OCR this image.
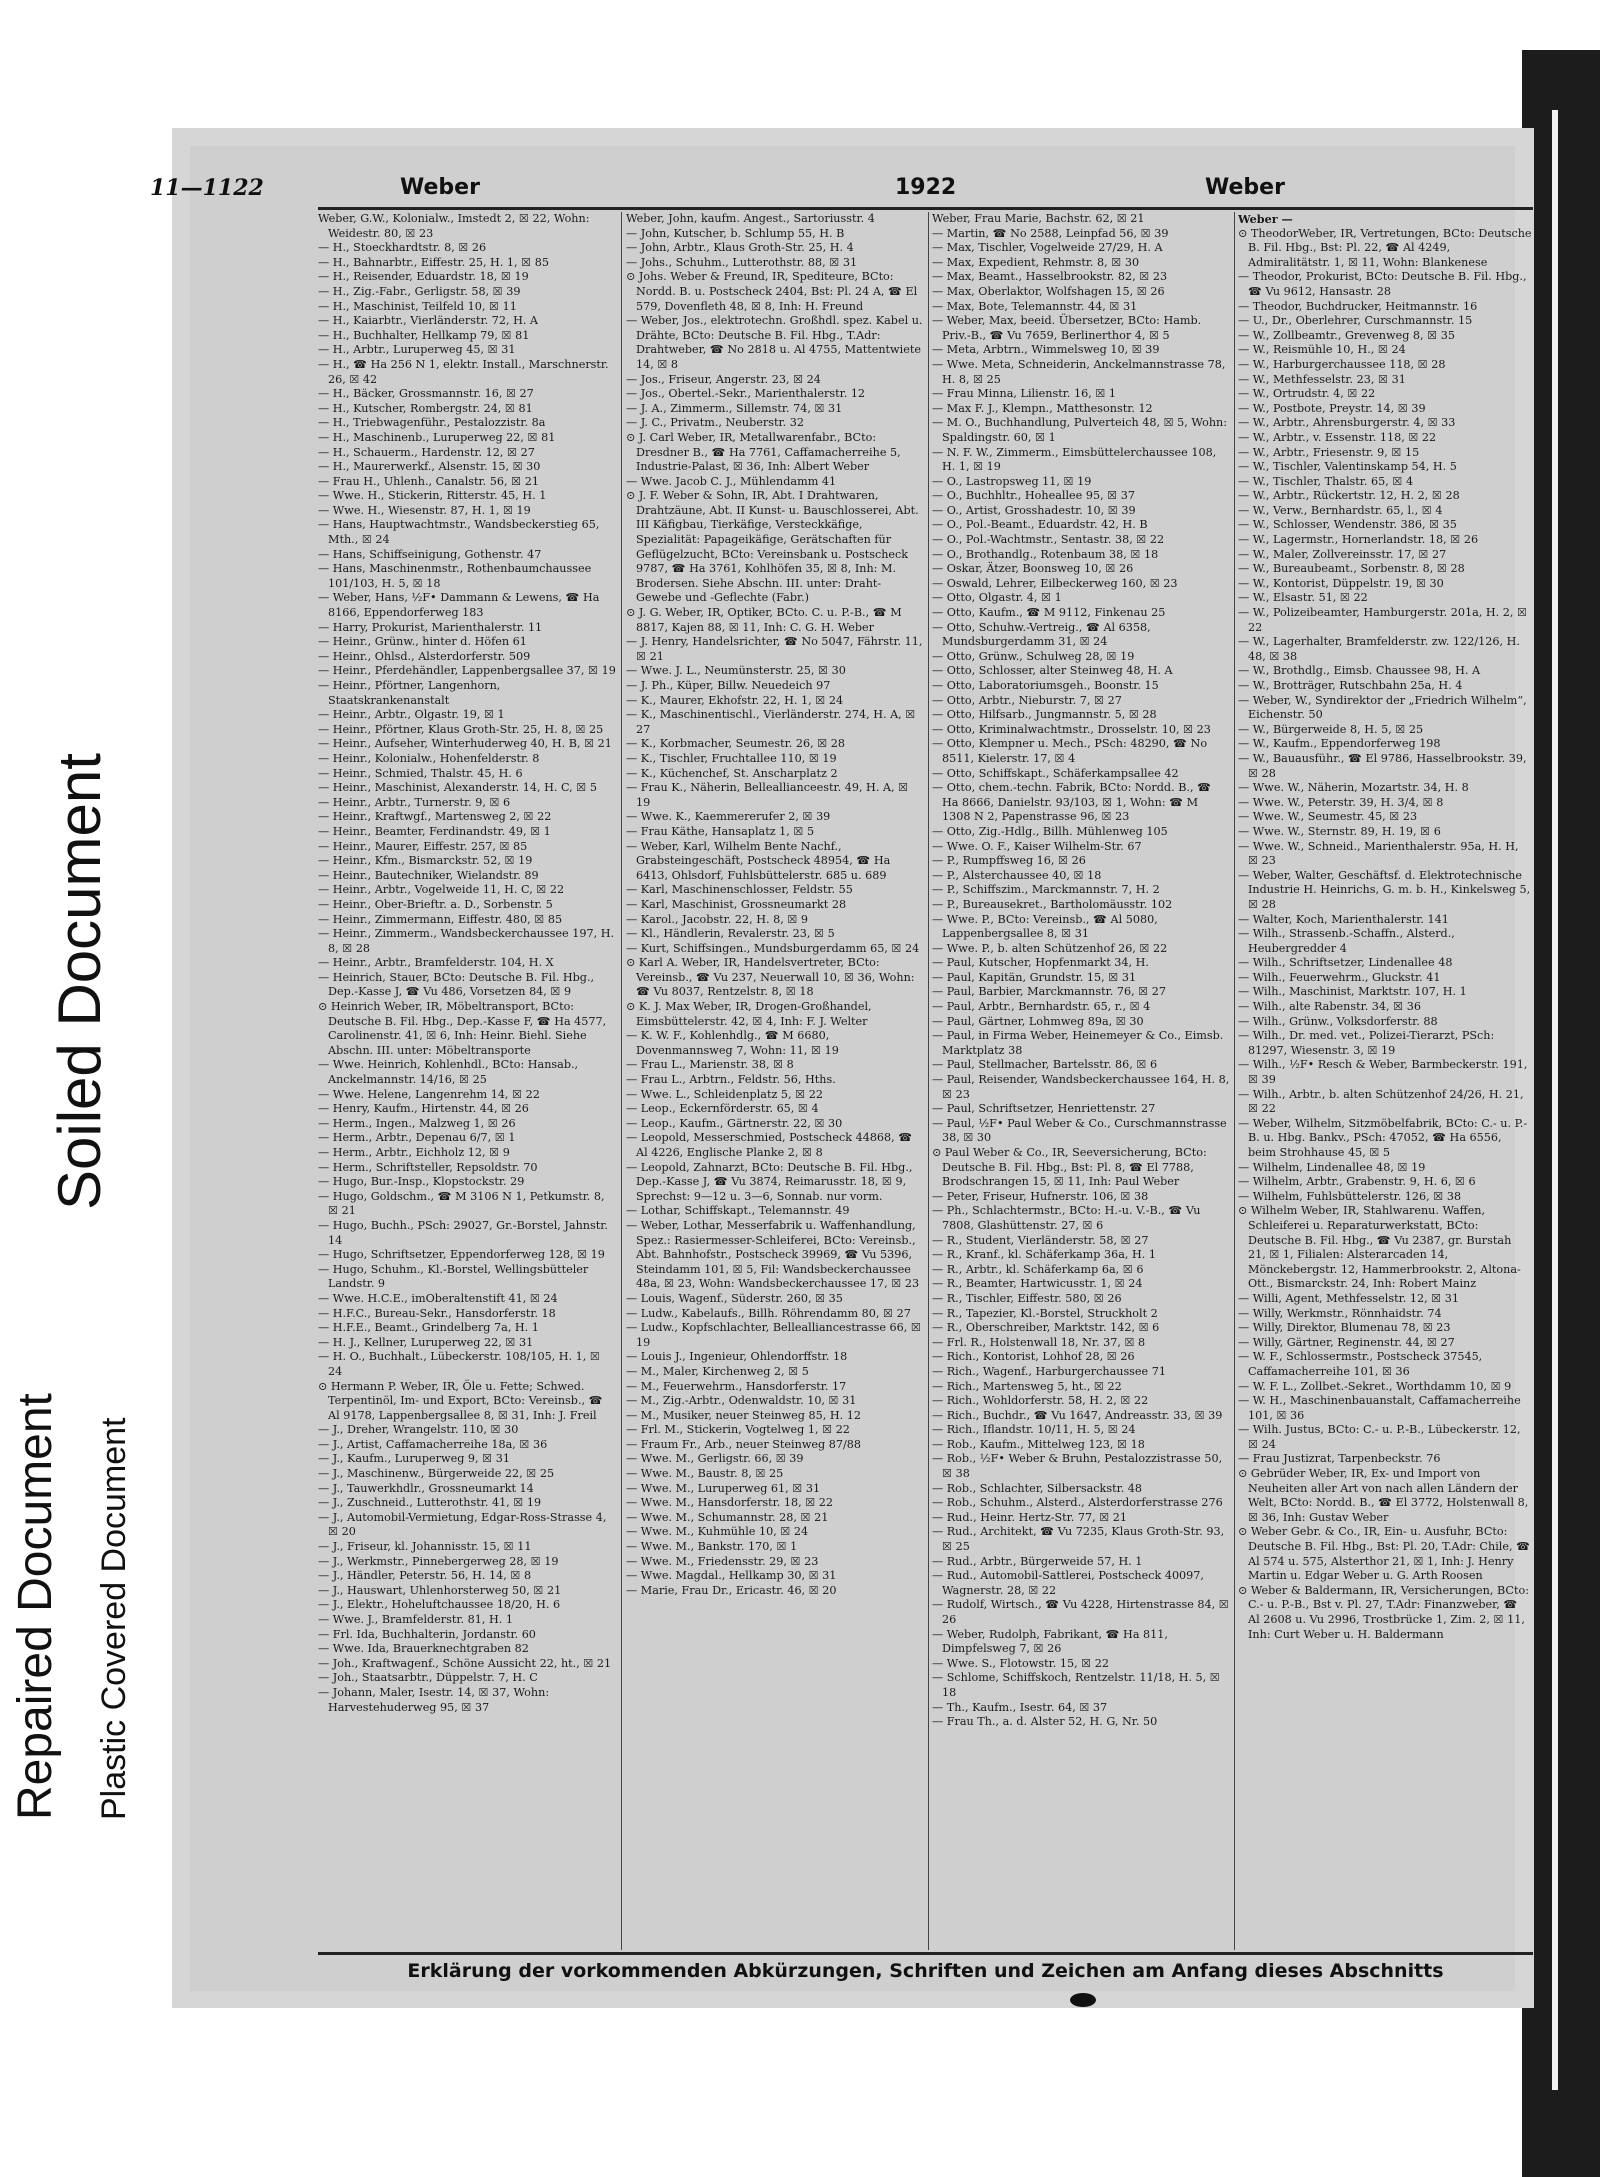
Soiled Document
Repaired Document Plastic Covered Document
11—1122	Weber	1922	Weber
Weber, G.W., Kolonialw., Imstedt 2, ☒ 22, Wohn: Weidestr. 80, ☒ 23
— H., Stoeckhardtstr. 8, ☒ 26
— H., Bahnarbtr., Eiffestr. 25, H. 1, ☒ 85
— H., Reisender, Eduardstr. 18, ☒ 19
— H., Zig.-Fabr., Gerligstr. 58, ☒ 39
— H., Maschinist, Teilfeld 10, ☒ 11
— H., Kaiarbtr., Vierländerstr. 72, H. A
— H., Buchhalter, Hellkamp 79, ☒ 81
— H., Arbtr., Luruperweg 45, ☒ 31
— H., ☎ Ha 256 N 1, elektr. Install., Marschnerstr. 26, ☒ 42
— H., Bäcker, Grossmannstr. 16, ☒ 27
— H., Kutscher, Rombergstr. 24, ☒ 81
— H., Triebwagenführ., Pestalozzistr. 8a
— H., Maschinenb., Luruperweg 22, ☒ 81
— H., Schauerm., Hardenstr. 12, ☒ 27
— H., Maurerwerkf., Alsenstr. 15, ☒ 30
— Frau H., Uhlenh., Canalstr. 56, ☒ 21
— Wwe. H., Stickerin, Ritterstr. 45, H. 1
— Wwe. H., Wiesenstr. 87, H. 1, ☒ 19
— Hans, Hauptwachtmstr., Wandsbeckerstieg 65, Mth., ☒ 24
— Hans, Schiffseinigung, Gothenstr. 47
— Hans, Maschinenmstr., Rothenbaumchaussee 101/103, H. 5, ☒ 18
— Weber, Hans, ½F• Dammann & Lewens, ☎ Ha 8166, Eppendorferweg 183
— Harry, Prokurist, Marienthalerstr. 11
— Heinr., Grünw., hinter d. Höfen 61
— Heinr., Ohlsd., Alsterdorferstr. 509
— Heinr., Pferdehändler, Lappenbergsallee 37, ☒ 19
— Heinr., Pförtner, Langenhorn, Staatskrankenanstalt
— Heinr., Arbtr., Olgastr. 19, ☒ 1
— Heinr., Pförtner, Klaus Groth-Str. 25, H. 8, ☒ 25
— Heinr., Aufseher, Winterhuderweg 40, H. B, ☒ 21
— Heinr., Kolonialw., Hohenfelderstr. 8
— Heinr., Schmied, Thalstr. 45, H. 6
— Heinr., Maschinist, Alexanderstr. 14, H. C, ☒ 5
— Heinr., Arbtr., Turnerstr. 9, ☒ 6
— Heinr., Kraftwgf., Martensweg 2, ☒ 22
— Heinr., Beamter, Ferdinandstr. 49, ☒ 1
— Heinr., Maurer, Eiffestr. 257, ☒ 85
— Heinr., Kfm., Bismarckstr. 52, ☒ 19
— Heinr., Bautechniker, Wielandstr. 89
— Heinr., Arbtr., Vogelweide 11, H. C, ☒ 22
— Heinr., Ober-Brieftr. a. D., Sorbenstr. 5
— Heinr., Zimmermann, Eiffestr. 480, ☒ 85
— Heinr., Zimmerm., Wandsbeckerchaussee 197, H. 8, ☒ 28
— Heinr., Arbtr., Bramfelderstr. 104, H. X
— Heinrich, Stauer, BCto: Deutsche B. Fil. Hbg., Dep.-Kasse J, ☎ Vu 486, Vorsetzen 84, ☒ 9
⊙ Heinrich Weber, IR, Möbeltransport, BCto: Deutsche B. Fil. Hbg., Dep.-Kasse F, ☎ Ha 4577, Carolinenstr. 41, ☒ 6, Inh: Heinr. Biehl. Siehe Abschn. III. unter: Möbeltransporte
— Wwe. Heinrich, Kohlenhdl., BCto: Hansab., Anckelmannstr. 14/16, ☒ 25
— Wwe. Helene, Langenrehm 14, ☒ 22
— Henry, Kaufm., Hirtenstr. 44, ☒ 26
— Herm., Ingen., Malzweg 1, ☒ 26
— Herm., Arbtr., Depenau 6/7, ☒ 1
— Herm., Arbtr., Eichholz 12, ☒ 9
— Herm., Schriftsteller, Repsoldstr. 70
— Hugo, Bur.-Insp., Klopstockstr. 29
— Hugo, Goldschm., ☎ M 3106 N 1, Petkumstr. 8, ☒ 21
— Hugo, Buchh., PSch: 29027, Gr.-Borstel, Jahnstr. 14
— Hugo, Schriftsetzer, Eppendorferweg 128, ☒ 19
— Hugo, Schuhm., Kl.-Borstel, Wellingsbütteler Landstr. 9
— Wwe. H.C.E., imOberaltenstift 41, ☒ 24
— H.F.C., Bureau-Sekr., Hansdorferstr. 18
— H.F.E., Beamt., Grindelberg 7a, H. 1
— H. J., Kellner, Luruperweg 22, ☒ 31
— H. O., Buchhalt., Lübeckerstr. 108/105, H. 1, ☒ 24
⊙ Hermann P. Weber, IR, Öle u. Fette; Schwed. Terpentinöl, Im- und Export, BCto: Vereinsb., ☎ Al 9178, Lappenbergsallee 8, ☒ 31, Inh: J. Freil
— J., Dreher, Wrangelstr. 110, ☒ 30
— J., Artist, Caffamacherreihe 18a, ☒ 36
— J., Kaufm., Luruperweg 9, ☒ 31
— J., Maschinenw., Bürgerweide 22, ☒ 25
— J., Tauwerkhdlr., Grossneumarkt 14
— J., Zuschneid., Lutterothstr. 41, ☒ 19
— J., Automobil-Vermietung, Edgar-Ross-Strasse 4, ☒ 20
— J., Friseur, kl. Johannisstr. 15, ☒ 11
— J., Werkmstr., Pinnebergerweg 28, ☒ 19
— J., Händler, Peterstr. 56, H. 14, ☒ 8
— J., Hauswart, Uhlenhorsterweg 50, ☒ 21
— J., Elektr., Hoheluftchaussee 18/20, H. 6
— Wwe. J., Bramfelderstr. 81, H. 1
— Frl. Ida, Buchhalterin, Jordanstr. 60
— Wwe. Ida, Brauerknechtgraben 82
— Joh., Kraftwagenf., Schöne Aussicht 22, ht., ☒ 21
— Joh., Staatsarbtr., Düppelstr. 7, H. C
— Johann, Maler, Isestr. 14, ☒ 37, Wohn: Harvestehuderweg 95, ☒ 37
Weber, John, kaufm. Angest., Sartoriusstr. 4
— John, Kutscher, b. Schlump 55, H. B
— John, Arbtr., Klaus Groth-Str. 25, H. 4
— Johs., Schuhm., Lutterothstr. 88, ☒ 31
⊙ Johs. Weber & Freund, IR, Spediteure, BCto: Nordd. B. u. Postscheck 2404, Bst: Pl. 24 A, ☎ El 579, Dovenfleth 48, ☒ 8, Inh: H. Freund
— Weber, Jos., elektrotechn. Großhdl. spez. Kabel u. Drähte, BCto: Deutsche B. Fil. Hbg., T.Adr: Drahtweber, ☎ No 2818 u. Al 4755, Mattentwiete 14, ☒ 8
— Jos., Friseur, Angerstr. 23, ☒ 24
— Jos., Obertel.-Sekr., Marienthalerstr. 12
— J. A., Zimmerm., Sillemstr. 74, ☒ 31
— J. C., Privatm., Neuberstr. 32
⊙ J. Carl Weber, IR, Metallwarenfabr., BCto: Dresdner B., ☎ Ha 7761, Caffamacherreihe 5, Industrie-Palast, ☒ 36, Inh: Albert Weber
— Wwe. Jacob C. J., Mühlendamm 41
⊙ J. F. Weber & Sohn, IR, Abt. I Drahtwaren, Drahtzäune, Abt. II Kunst- u. Bauschlosserei, Abt. III Käfigbau, Tierkäfige, Versteckkäfige, Spezialität: Papageikäfige, Gerätschaften für Geflügelzucht, BCto: Vereinsbank u. Postscheck 9787, ☎ Ha 3761, Kohlhöfen 35, ☒ 8, Inh: M. Brodersen. Siehe Abschn. III. unter: Draht-Gewebe und -Geflechte (Fabr.)
⊙ J. G. Weber, IR, Optiker, BCto. C. u. P.-B., ☎ M 8817, Kajen 88, ☒ 11, Inh: C. G. H. Weber
— J. Henry, Handelsrichter, ☎ No 5047, Fährstr. 11, ☒ 21
— Wwe. J. L., Neumünsterstr. 25, ☒ 30
— J. Ph., Küper, Billw. Neuedeich 97
— K., Maurer, Ekhofstr. 22, H. 1, ☒ 24
— K., Maschinentischl., Vierländerstr. 274, H. A, ☒ 27
— K., Korbmacher, Seumestr. 26, ☒ 28
— K., Tischler, Fruchtallee 110, ☒ 19
— K., Küchenchef, St. Anscharplatz 2
— Frau K., Näherin, Belleallianceestr. 49, H. A, ☒ 19
— Wwe. K., Kaemmererufer 2, ☒ 39
— Frau Käthe, Hansaplatz 1, ☒ 5
— Weber, Karl, Wilhelm Bente Nachf., Grabsteingeschäft, Postscheck 48954, ☎ Ha 6413, Ohlsdorf, Fuhlsbüttelerstr. 685 u. 689
— Karl, Maschinenschlosser, Feldstr. 55
— Karl, Maschinist, Grossneumarkt 28
— Karol., Jacobstr. 22, H. 8, ☒ 9
— Kl., Händlerin, Revalerstr. 23, ☒ 5
— Kurt, Schiffsingen., Mundsburgerdamm 65, ☒ 24
⊙ Karl A. Weber, IR, Handelsvertreter, BCto: Vereinsb., ☎ Vu 237, Neuerwall 10, ☒ 36, Wohn: ☎ Vu 8037, Rentzelstr. 8, ☒ 18
⊙ K. J. Max Weber, IR, Drogen-Großhandel, Eimsbüttelerstr. 42, ☒ 4, Inh: F. J. Welter
— K. W. F., Kohlenhdlg., ☎ M 6680, Dovenmannsweg 7, Wohn: 11, ☒ 19
— Frau L., Marienstr. 38, ☒ 8
— Frau L., Arbtrn., Feldstr. 56, Hths.
— Wwe. L., Schleidenplatz 5, ☒ 22
— Leop., Eckernförderstr. 65, ☒ 4
— Leop., Kaufm., Gärtnerstr. 22, ☒ 30
— Leopold, Messerschmied, Postscheck 44868, ☎ Al 4226, Englische Planke 2, ☒ 8
— Leopold, Zahnarzt, BCto: Deutsche B. Fil. Hbg., Dep.-Kasse J, ☎ Vu 3874, Reimarusstr. 18, ☒ 9, Sprechst: 9—12 u. 3—6, Sonnab. nur vorm.
— Lothar, Schiffskapt., Telemannstr. 49
— Weber, Lothar, Messerfabrik u. Waffenhandlung, Spez.: Rasiermesser-Schleiferei, BCto: Vereinsb., Abt. Bahnhofstr., Postscheck 39969, ☎ Vu 5396, Steindamm 101, ☒ 5, Fil: Wandsbeckerchaussee 48a, ☒ 23, Wohn: Wandsbeckerchaussee 17, ☒ 23
— Louis, Wagenf., Süderstr. 260, ☒ 35
— Ludw., Kabelaufs., Billh. Röhrendamm 80, ☒ 27
— Ludw., Kopfschlachter, Bellealliancestrasse 66, ☒ 19
— Louis J., Ingenieur, Ohlendorffstr. 18
— M., Maler, Kirchenweg 2, ☒ 5
— M., Feuerwehrm., Hansdorferstr. 17
— M., Zig.-Arbtr., Odenwaldstr. 10, ☒ 31
— M., Musiker, neuer Steinweg 85, H. 12
— Frl. M., Stickerin, Vogtelweg 1, ☒ 22
— Fraum Fr., Arb., neuer Steinweg 87/88
— Wwe. M., Gerligstr. 66, ☒ 39
— Wwe. M., Baustr. 8, ☒ 25
— Wwe. M., Luruperweg 61, ☒ 31
— Wwe. M., Hansdorferstr. 18, ☒ 22
— Wwe. M., Schumannstr. 28, ☒ 21
— Wwe. M., Kuhmühle 10, ☒ 24
— Wwe. M., Bankstr. 170, ☒ 1
— Wwe. M., Friedensstr. 29, ☒ 23
— Wwe. Magdal., Hellkamp 30, ☒ 31
— Marie, Frau Dr., Ericastr. 46, ☒ 20
Weber, Frau Marie, Bachstr. 62, ☒ 21
— Martin, ☎ No 2588, Leinpfad 56, ☒ 39
— Max, Tischler, Vogelweide 27/29, H. A
— Max, Expedient, Rehmstr. 8, ☒ 30
— Max, Beamt., Hasselbrookstr. 82, ☒ 23
— Max, Oberlaktor, Wolfshagen 15, ☒ 26
— Max, Bote, Telemannstr. 44, ☒ 31
— Weber, Max, beeid. Übersetzer, BCto: Hamb. Priv.-B., ☎ Vu 7659, Berlinerthor 4, ☒ 5
— Meta, Arbtrn., Wimmelsweg 10, ☒ 39
— Wwe. Meta, Schneiderin, Anckelmannstrasse 78, H. 8, ☒ 25
— Frau Minna, Lilienstr. 16, ☒ 1
— Max F. J., Klempn., Matthesonstr. 12
— M. O., Buchhandlung, Pulverteich 48, ☒ 5, Wohn: Spaldingstr. 60, ☒ 1
— N. F. W., Zimmerm., Eimsbüttelerchaussee 108, H. 1, ☒ 19
— O., Lastropsweg 11, ☒ 19
— O., Buchhltr., Hoheallee 95, ☒ 37
— O., Artist, Grosshadestr. 10, ☒ 39
— O., Pol.-Beamt., Eduardstr. 42, H. B
— O., Pol.-Wachtmstr., Sentastr. 38, ☒ 22
— O., Brothandlg., Rotenbaum 38, ☒ 18
— Oskar, Ätzer, Boonsweg 10, ☒ 26
— Oswald, Lehrer, Eilbeckerweg 160, ☒ 23
— Otto, Olgastr. 4, ☒ 1
— Otto, Kaufm., ☎ M 9112, Finkenau 25
— Otto, Schuhw.-Vertreig., ☎ Al 6358, Mundsburgerdamm 31, ☒ 24
— Otto, Grünw., Schulweg 28, ☒ 19
— Otto, Schlosser, alter Steinweg 48, H. A
— Otto, Laboratoriumsgeh., Boonstr. 15
— Otto, Arbtr., Nieburstr. 7, ☒ 27
— Otto, Hilfsarb., Jungmannstr. 5, ☒ 28
— Otto, Kriminalwachtmstr., Drosselstr. 10, ☒ 23
— Otto, Klempner u. Mech., PSch: 48290, ☎ No 8511, Kielerstr. 17, ☒ 4
— Otto, Schiffskapt., Schäferkampsallee 42
— Otto, chem.-techn. Fabrik, BCto: Nordd. B., ☎ Ha 8666, Danielstr. 93/103, ☒ 1, Wohn: ☎ M 1308 N 2, Papenstrasse 96, ☒ 23
— Otto, Zig.-Hdlg., Billh. Mühlenweg 105
— Wwe. O. F., Kaiser Wilhelm-Str. 67
— P., Rumpffsweg 16, ☒ 26
— P., Alsterchaussee 40, ☒ 18
— P., Schiffszim., Marckmannstr. 7, H. 2
— P., Bureausekret., Bartholomäusstr. 102
— Wwe. P., BCto: Vereinsb., ☎ Al 5080, Lappenbergsallee 8, ☒ 31
— Wwe. P., b. alten Schützenhof 26, ☒ 22
— Paul, Kutscher, Hopfenmarkt 34, H.
— Paul, Kapitän, Grundstr. 15, ☒ 31
— Paul, Barbier, Marckmannstr. 76, ☒ 27
— Paul, Arbtr., Bernhardstr. 65, r., ☒ 4
— Paul, Gärtner, Lohmweg 89a, ☒ 30
— Paul, in Firma Weber, Heinemeyer & Co., Eimsb. Marktplatz 38
— Paul, Stellmacher, Bartelsstr. 86, ☒ 6
— Paul, Reisender, Wandsbeckerchaussee 164, H. 8, ☒ 23
— Paul, Schriftsetzer, Henriettenstr. 27
— Paul, ½F• Paul Weber & Co., Curschmannstrasse 38, ☒ 30
⊙ Paul Weber & Co., IR, Seeversicherung, BCto: Deutsche B. Fil. Hbg., Bst: Pl. 8, ☎ El 7788, Brodschrangen 15, ☒ 11, Inh: Paul Weber
— Peter, Friseur, Hufnerstr. 106, ☒ 38
— Ph., Schlachtermstr., BCto: H.-u. V.-B., ☎ Vu 7808, Glashüttenstr. 27, ☒ 6
— R., Student, Vierländerstr. 58, ☒ 27
— R., Kranf., kl. Schäferkamp 36a, H. 1
— R., Arbtr., kl. Schäferkamp 6a, ☒ 6
— R., Beamter, Hartwicusstr. 1, ☒ 24
— R., Tischler, Eiffestr. 580, ☒ 26
— R., Tapezier, Kl.-Borstel, Struckholt 2
— R., Oberschreiber, Marktstr. 142, ☒ 6
— Frl. R., Holstenwall 18, Nr. 37, ☒ 8
— Rich., Kontorist, Lohhof 28, ☒ 26
— Rich., Wagenf., Harburgerchaussee 71
— Rich., Martensweg 5, ht., ☒ 22
— Rich., Wohldorferstr. 58, H. 2, ☒ 22
— Rich., Buchdr., ☎ Vu 1647, Andreasstr. 33, ☒ 39
— Rich., Iflandstr. 10/11, H. 5, ☒ 24
— Rob., Kaufm., Mittelweg 123, ☒ 18
— Rob., ½F• Weber & Bruhn, Pestalozzistrasse 50, ☒ 38
— Rob., Schlachter, Silbersackstr. 48
— Rob., Schuhm., Alsterd., Alsterdorferstrasse 276
— Rud., Heinr. Hertz-Str. 77, ☒ 21
— Rud., Architekt, ☎ Vu 7235, Klaus Groth-Str. 93, ☒ 25
— Rud., Arbtr., Bürgerweide 57, H. 1
— Rud., Automobil-Sattlerei, Postscheck 40097, Wagnerstr. 28, ☒ 22
— Rudolf, Wirtsch., ☎ Vu 4228, Hirtenstrasse 84, ☒ 26
— Weber, Rudolph, Fabrikant, ☎ Ha 811, Dimpfelsweg 7, ☒ 26
— Wwe. S., Flotowstr. 15, ☒ 22
— Schlome, Schiffskoch, Rentzelstr. 11/18, H. 5, ☒ 18
— Th., Kaufm., Isestr. 64, ☒ 37
— Frau Th., a. d. Alster 52, H. G, Nr. 50
Weber —
⊙ TheodorWeber, IR, Vertretungen, BCto: Deutsche B. Fil. Hbg., Bst: Pl. 22, ☎ Al 4249, Admiralitätstr. 1, ☒ 11, Wohn: Blankenese
— Theodor, Prokurist, BCto: Deutsche B. Fil. Hbg., ☎ Vu 9612, Hansastr. 28
— Theodor, Buchdrucker, Heitmannstr. 16
— U., Dr., Oberlehrer, Curschmannstr. 15
— W., Zollbeamtr., Grevenweg 8, ☒ 35
— W., Reismühle 10, H., ☒ 24
— W., Harburgerchaussee 118, ☒ 28
— W., Methfesselstr. 23, ☒ 31
— W., Ortrudstr. 4, ☒ 22
— W., Postbote, Preystr. 14, ☒ 39
— W., Arbtr., Ahrensburgerstr. 4, ☒ 33
— W., Arbtr., v. Essenstr. 118, ☒ 22
— W., Arbtr., Friesenstr. 9, ☒ 15
— W., Tischler, Valentinskamp 54, H. 5
— W., Tischler, Thalstr. 65, ☒ 4
— W., Arbtr., Rückertstr. 12, H. 2, ☒ 28
— W., Verw., Bernhardstr. 65, l., ☒ 4
— W., Schlosser, Wendenstr. 386, ☒ 35
— W., Lagermstr., Hornerlandstr. 18, ☒ 26
— W., Maler, Zollvereinsstr. 17, ☒ 27
— W., Bureaubeamt., Sorbenstr. 8, ☒ 28
— W., Kontorist, Düppelstr. 19, ☒ 30
— W., Elsastr. 51, ☒ 22
— W., Polizeibeamter, Hamburgerstr. 201a, H. 2, ☒ 22
— W., Lagerhalter, Bramfelderstr. zw. 122/126, H. 48, ☒ 38
— W., Brothdlg., Eimsb. Chaussee 98, H. A
— W., Brotträger, Rutschbahn 25a, H. 4
— Weber, W., Syndirektor der „Friedrich Wilhelm“, Eichenstr. 50
— W., Bürgerweide 8, H. 5, ☒ 25
— W., Kaufm., Eppendorferweg 198
— W., Bauausführ., ☎ El 9786, Hasselbrookstr. 39, ☒ 28
— Wwe. W., Näherin, Mozartstr. 34, H. 8
— Wwe. W., Peterstr. 39, H. 3/4, ☒ 8
— Wwe. W., Seumestr. 45, ☒ 23
— Wwe. W., Sternstr. 89, H. 19, ☒ 6
— Wwe. W., Schneid., Marienthalerstr. 95a, H. H, ☒ 23
— Weber, Walter, Geschäftsf. d. Elektrotechnische Industrie H. Heinrichs, G. m. b. H., Kinkelsweg 5, ☒ 28
— Walter, Koch, Marienthalerstr. 141
— Wilh., Strassenb.-Schaffn., Alsterd., Heubergredder 4
— Wilh., Schriftsetzer, Lindenallee 48
— Wilh., Feuerwehrm., Gluckstr. 41
— Wilh., Maschinist, Marktstr. 107, H. 1
— Wilh., alte Rabenstr. 34, ☒ 36
— Wilh., Grünw., Volksdorferstr. 88
— Wilh., Dr. med. vet., Polizei-Tierarzt, PSch: 81297, Wiesenstr. 3, ☒ 19
— Wilh., ½F• Resch & Weber, Barmbeckerstr. 191, ☒ 39
— Wilh., Arbtr., b. alten Schützenhof 24/26, H. 21, ☒ 22
— Weber, Wilhelm, Sitzmöbelfabrik, BCto: C.- u. P.-B. u. Hbg. Bankv., PSch: 47052, ☎ Ha 6556, beim Strohhause 45, ☒ 5
— Wilhelm, Lindenallee 48, ☒ 19
— Wilhelm, Arbtr., Grabenstr. 9, H. 6, ☒ 6
— Wilhelm, Fuhlsbüttelerstr. 126, ☒ 38
⊙ Wilhelm Weber, IR, Stahlwarenu. Waffen, Schleiferei u. Reparaturwerkstatt, BCto: Deutsche B. Fil. Hbg., ☎ Vu 2387, gr. Burstah 21, ☒ 1, Filialen: Alsterarcaden 14, Mönckebergstr. 12, Hammerbrookstr. 2, Altona-Ott., Bismarckstr. 24, Inh: Robert Mainz
— Willi, Agent, Methfesselstr. 12, ☒ 31
— Willy, Werkmstr., Rönnhaidstr. 74
— Willy, Direktor, Blumenau 78, ☒ 23
— Willy, Gärtner, Reginenstr. 44, ☒ 27
— W. F., Schlossermstr., Postscheck 37545, Caffamacherreihe 101, ☒ 36
— W. F. L., Zollbet.-Sekret., Worthdamm 10, ☒ 9
— W. H., Maschinenbauanstalt, Caffamacherreihe 101, ☒ 36
— Wilh. Justus, BCto: C.- u. P.-B., Lübeckerstr. 12, ☒ 24
— Frau Justizrat, Tarpenbeckstr. 76
⊙ Gebrüder Weber, IR, Ex- und Import von Neuheiten aller Art von nach allen Ländern der Welt, BCto: Nordd. B., ☎ El 3772, Holstenwall 8, ☒ 36, Inh: Gustav Weber
⊙ Weber Gebr. & Co., IR, Ein- u. Ausfuhr, BCto: Deutsche B. Fil. Hbg., Bst: Pl. 20, T.Adr: Chile, ☎ Al 574 u. 575, Alsterthor 21, ☒ 1, Inh: J. Henry Martin u. Edgar Weber u. G. Arth Roosen
⊙ Weber & Baldermann, IR, Versicherungen, BCto: C.- u. P.-B., Bst v. Pl. 27, T.Adr: Finanzweber, ☎ Al 2608 u. Vu 2996, Trostbrücke 1, Zim. 2, ☒ 11, Inh: Curt Weber u. H. Baldermann
Erklärung der vorkommenden Abkürzungen, Schriften und Zeichen am Anfang dieses Abschnitts
